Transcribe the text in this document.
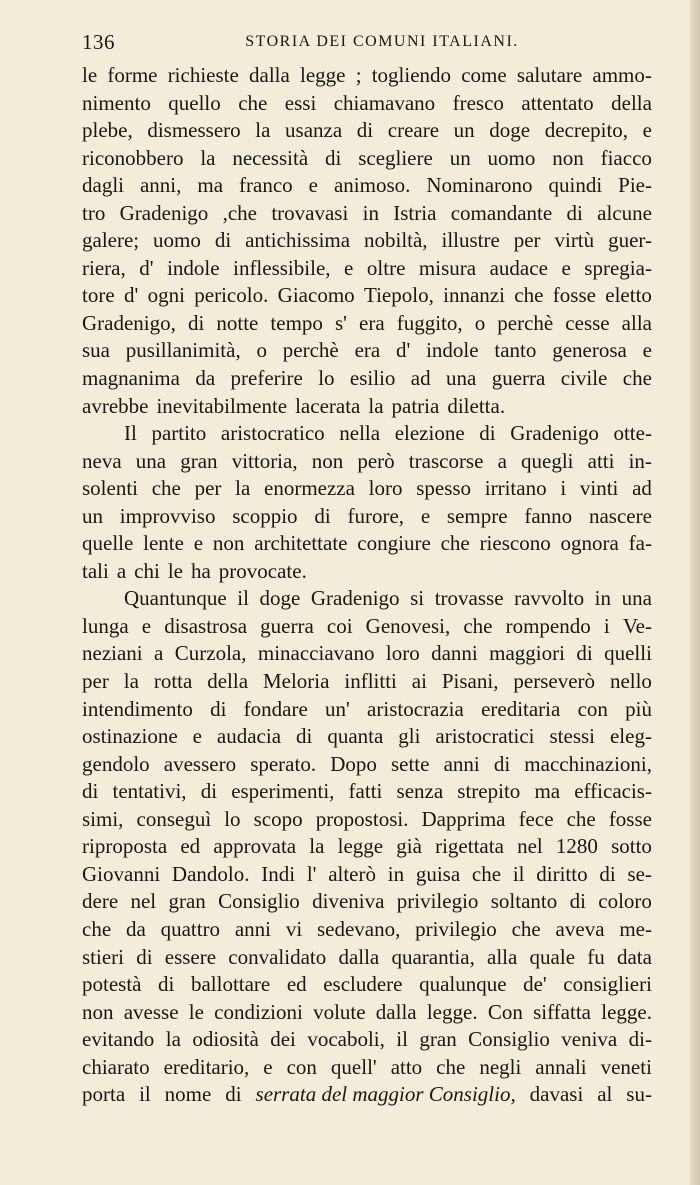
136	STORIA DEI COMUNI ITALIANI.
le forme richieste dalla legge ; togliendo come salutare ammo-
nimento quello che essi chiamavano fresco attentato della
plebe, dismessero la usanza di creare un doge decrepito, e
riconobbero la necessità di scegliere un uomo non fiacco
dagli anni, ma franco e animoso. Nominarono quindi Pie-
tro Gradenigo ,che trovavasi in Istria comandante di alcune
galere; uomo di antichissima nobiltà, illustre per virtù guer-
riera, d' indole inflessibile, e oltre misura audace e spregia-
tore d' ogni pericolo. Giacomo Tiepolo, innanzi che fosse eletto
Gradenigo, di notte tempo s' era fuggito, o perchè cesse alla
sua pusillanimità, o perchè era d' indole tanto generosa e
magnanima da preferire lo esilio ad una guerra civile che
avrebbe inevitabilmente lacerata la patria diletta.
Il partito aristocratico nella elezione di Gradenigo otte-
neva una gran vittoria, non però trascorse a quegli atti in-
solenti che per la enormezza loro spesso irritano i vinti ad
un improvviso scoppio di furore, e sempre fanno nascere
quelle lente e non architettate congiure che riescono ognora fa-
tali a chi le ha provocate.
Quantunque il doge Gradenigo si trovasse ravvolto in una
lunga e disastrosa guerra coi Genovesi, che rompendo i Ve-
neziani a Curzola, minacciavano loro danni maggiori di quelli
per la rotta della Meloria inflitti ai Pisani, perseverò nello
intendimento di fondare un' aristocrazia ereditaria con più
ostinazione e audacia di quanta gli aristocratici stessi eleg-
gendolo avessero sperato. Dopo sette anni di macchinazioni,
di tentativi, di esperimenti, fatti senza strepito ma efficacis-
simi, conseguì lo scopo propostosi. Dapprima fece che fosse
riproposta ed approvata la legge già rigettata nel 1280 sotto
Giovanni Dandolo. Indi l' alterò in guisa che il diritto di se-
dere nel gran Consiglio diveniva privilegio soltanto di coloro
che da quattro anni vi sedevano, privilegio che aveva me-
stieri di essere convalidato dalla quarantia, alla quale fu data
potestà di ballottare ed escludere qualunque de' consiglieri
non avesse le condizioni volute dalla legge. Con siffatta legge.
evitando la odiosità dei vocaboli, il gran Consiglio veniva di-
chiarato ereditario, e con quell' atto che negli annali veneti
porta il nome di serrata del maggior Consiglio, davasi al su-
